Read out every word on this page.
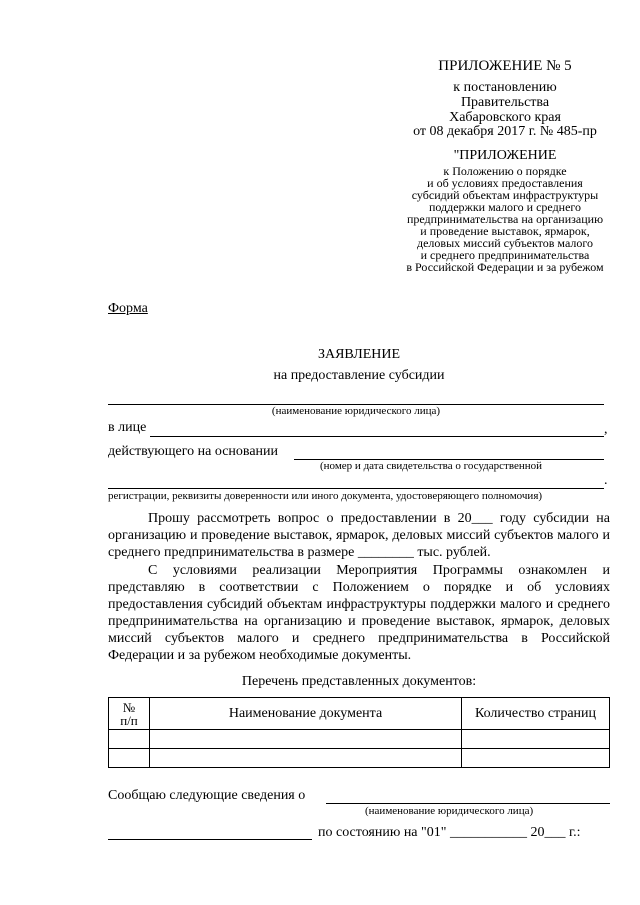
ПРИЛОЖЕНИЕ № 5
к постановлению
Правительства
Хабаровского края
от 08 декабря 2017 г. № 485-пр
"ПРИЛОЖЕНИЕ
к Положению о порядке
и об условиях предоставления
субсидий объектам инфраструктуры
поддержки малого и среднего
предпринимательства на организацию
и проведение выставок, ярмарок,
деловых миссий субъектов малого
и среднего предпринимательства
в Российской Федерации и за рубежом
Форма
ЗАЯВЛЕНИЕ
на предоставление субсидии
(наименование юридического лица)
в лице	,
действующего на основании
(номер и дата свидетельства о государственной
.
регистрации, реквизиты доверенности или иного документа, удостоверяющего полномочия)

Прошу рассмотреть вопрос о предоставлении в 20___ году субсидии на организацию и проведение выставок, ярмарок, деловых миссий субъектов малого и среднего предпринимательства в размере ________ тыс. рублей.

С условиями реализации Мероприятия Программы ознакомлен и представляю в соответствии с Положением о порядке и об условиях предоставления субсидий объектам инфраструктуры поддержки малого и среднего предпринимательства на организацию и проведение выставок, ярмарок, деловых миссий субъектов малого и среднего предпринимательства в Российской Федерации и за рубежом необходимые документы.

Перечень представленных документов:
№
п/п	Наименование документа	Количество страниц

Сообщаю следующие сведения о
(наименование юридического лица)
по состоянию на "01" ___________ 20___ г.:
